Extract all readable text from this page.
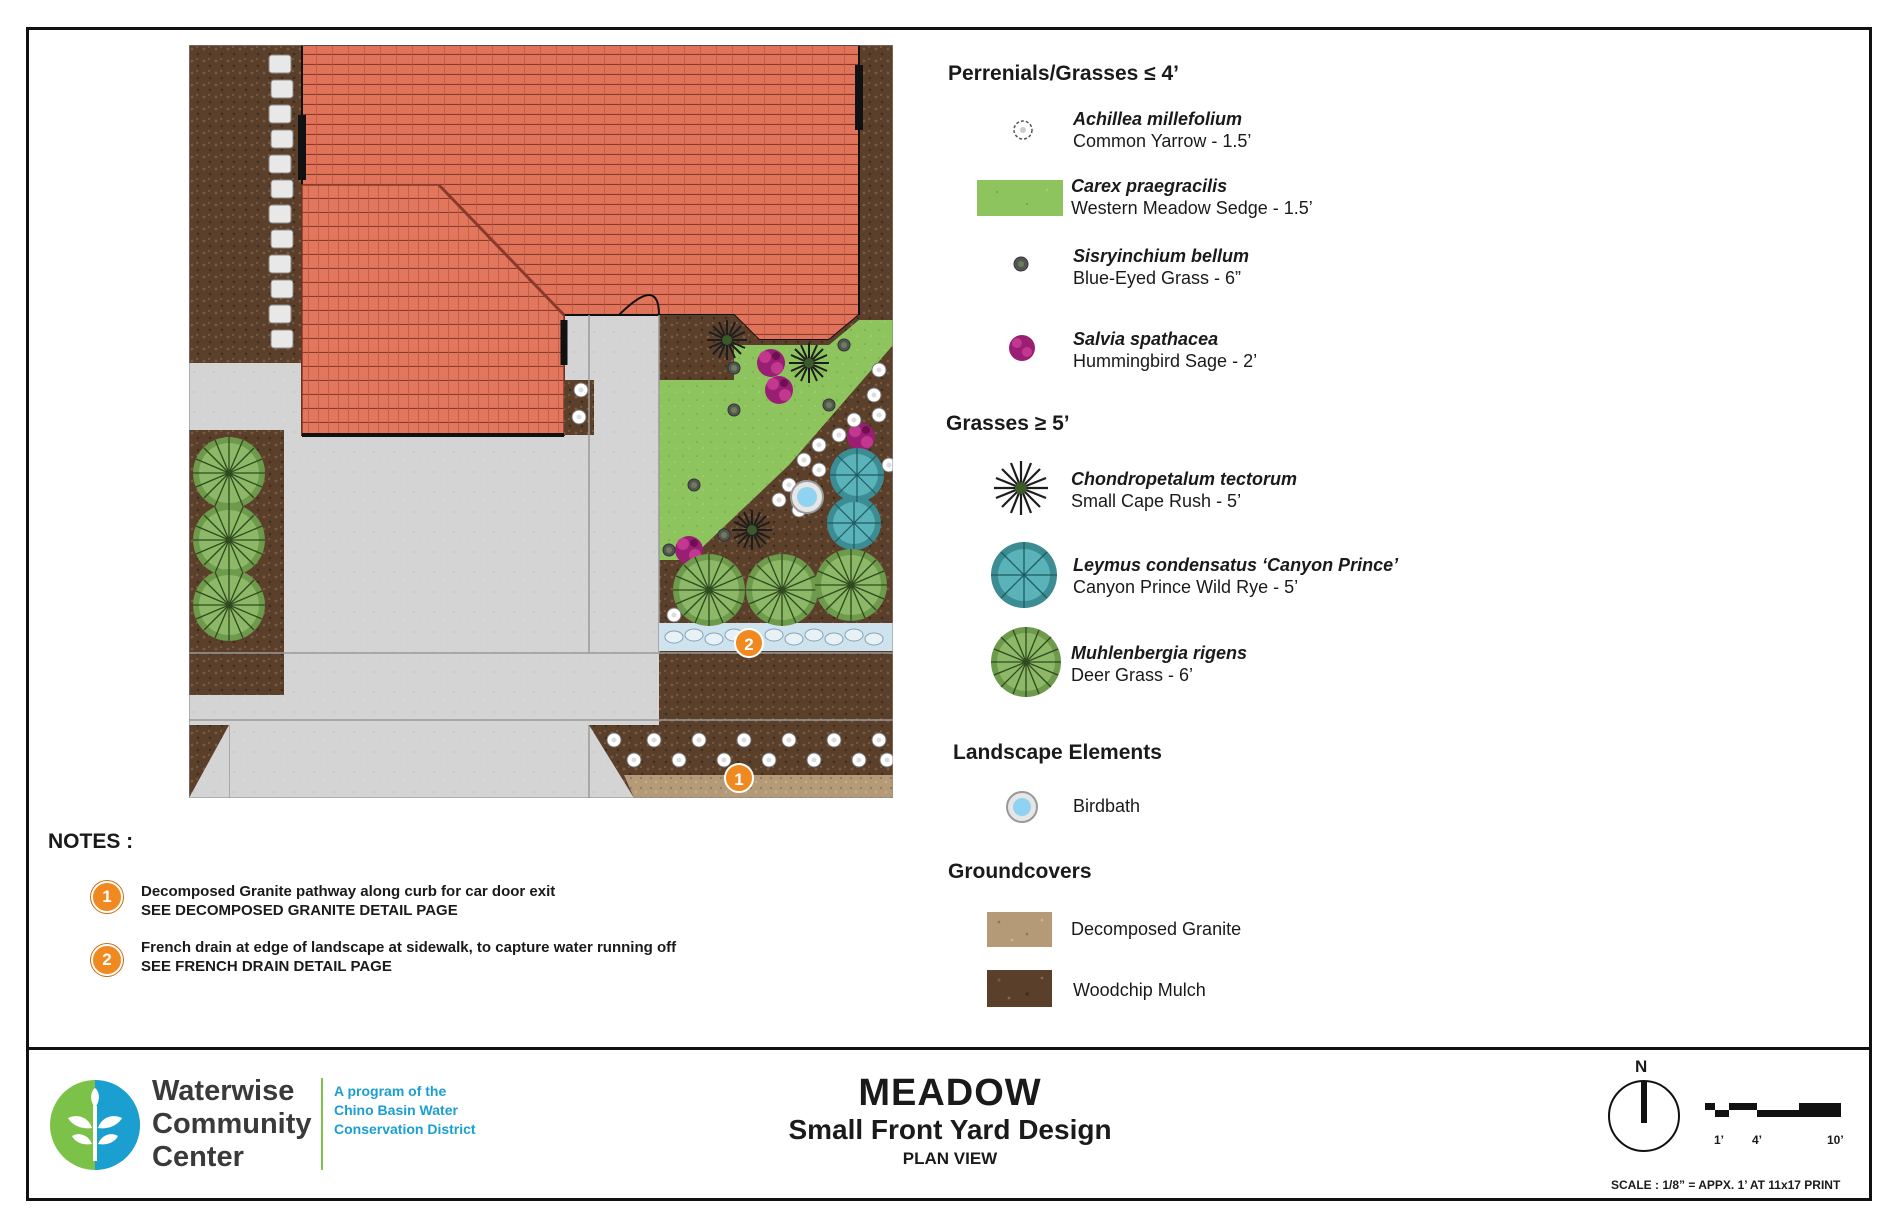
2
1
Perrenials/Grasses ≤ 4’
Achillea millefolium
Common Yarrow - 1.5’
Carex praegracilis
Western Meadow Sedge - 1.5’
Sisryinchium bellum
Blue-Eyed Grass - 6”
Salvia spathacea
Hummingbird Sage - 2’
Grasses ≥ 5’
Chondropetalum tectorum
Small Cape Rush - 5’
Leymus condensatus ‘Canyon Prince’
Canyon Prince Wild Rye - 5’
Muhlenbergia rigens
Deer Grass - 6’
Landscape Elements
Birdbath
Groundcovers
Decomposed Granite
Woodchip Mulch
NOTES :
1	Decomposed Granite pathway along curb for car door exit
SEE DECOMPOSED GRANITE DETAIL PAGE
2
French drain at edge of landscape at sidewalk, to capture water running off
SEE FRENCH DRAIN DETAIL PAGE
Waterwise
Community
Center
A program of the
Chino Basin Water
Conservation District
MEADOW
Small Front Yard Design
PLAN VIEW
N
1’ 4’	10’
SCALE : 1/8” = APPX. 1’ AT 11x17 PRINT
